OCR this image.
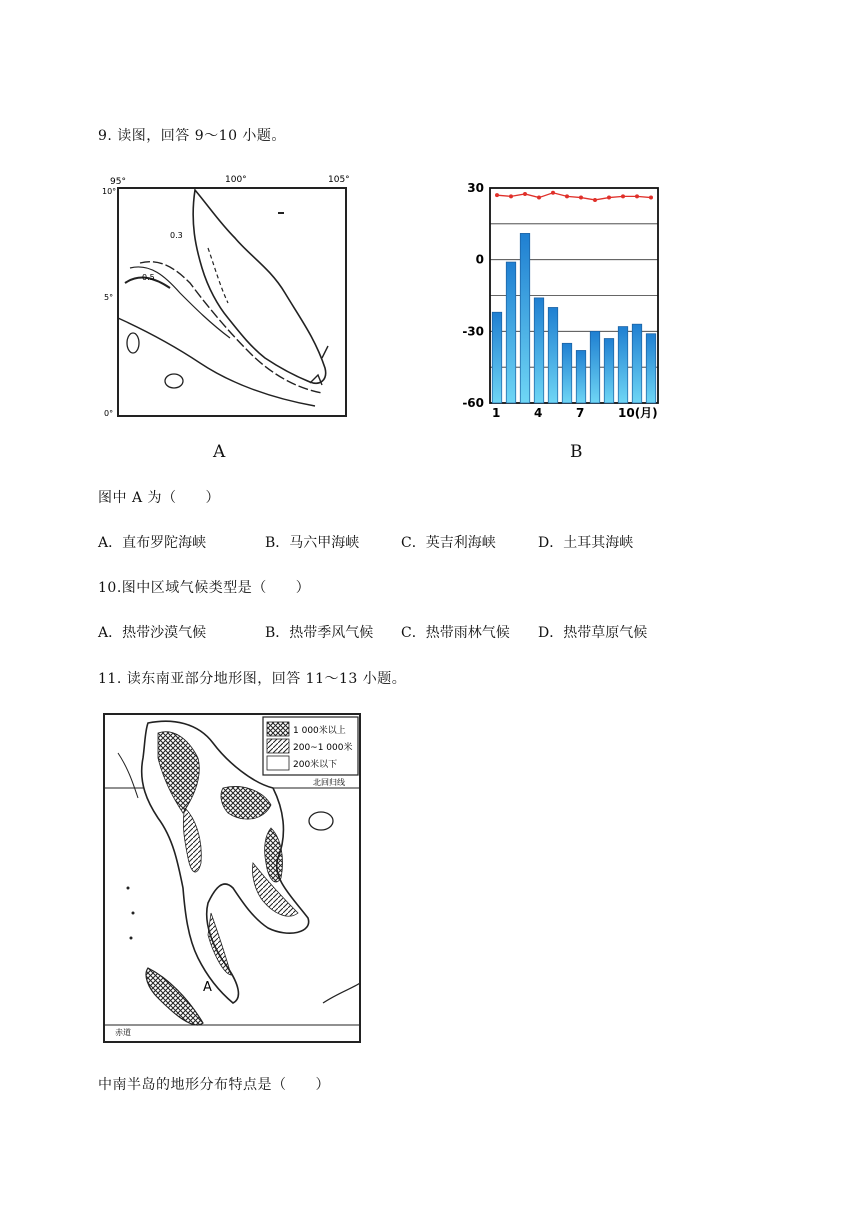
9. 读图，回答 9～10 小题。
95°	100°	105°
10°
5°
0°
0.3
0.5
A
30
0
-30
-60
1	4	7	10(月)
B
图中 A 为（　　）
A．直布罗陀海峡	B．马六甲海峡	C．英吉利海峡	D．土耳其海峡
10.图中区域气候类型是（　　）
A．热带沙漠气候	B．热带季风气候 C．热带雨林气候 D．热带草原气候
11. 读东南亚部分地形图，回答 11～13 小题。
1 000米以上
200~1 000米
200米以下
北回归线
赤道
A
中南半岛的地形分布特点是（　　）
